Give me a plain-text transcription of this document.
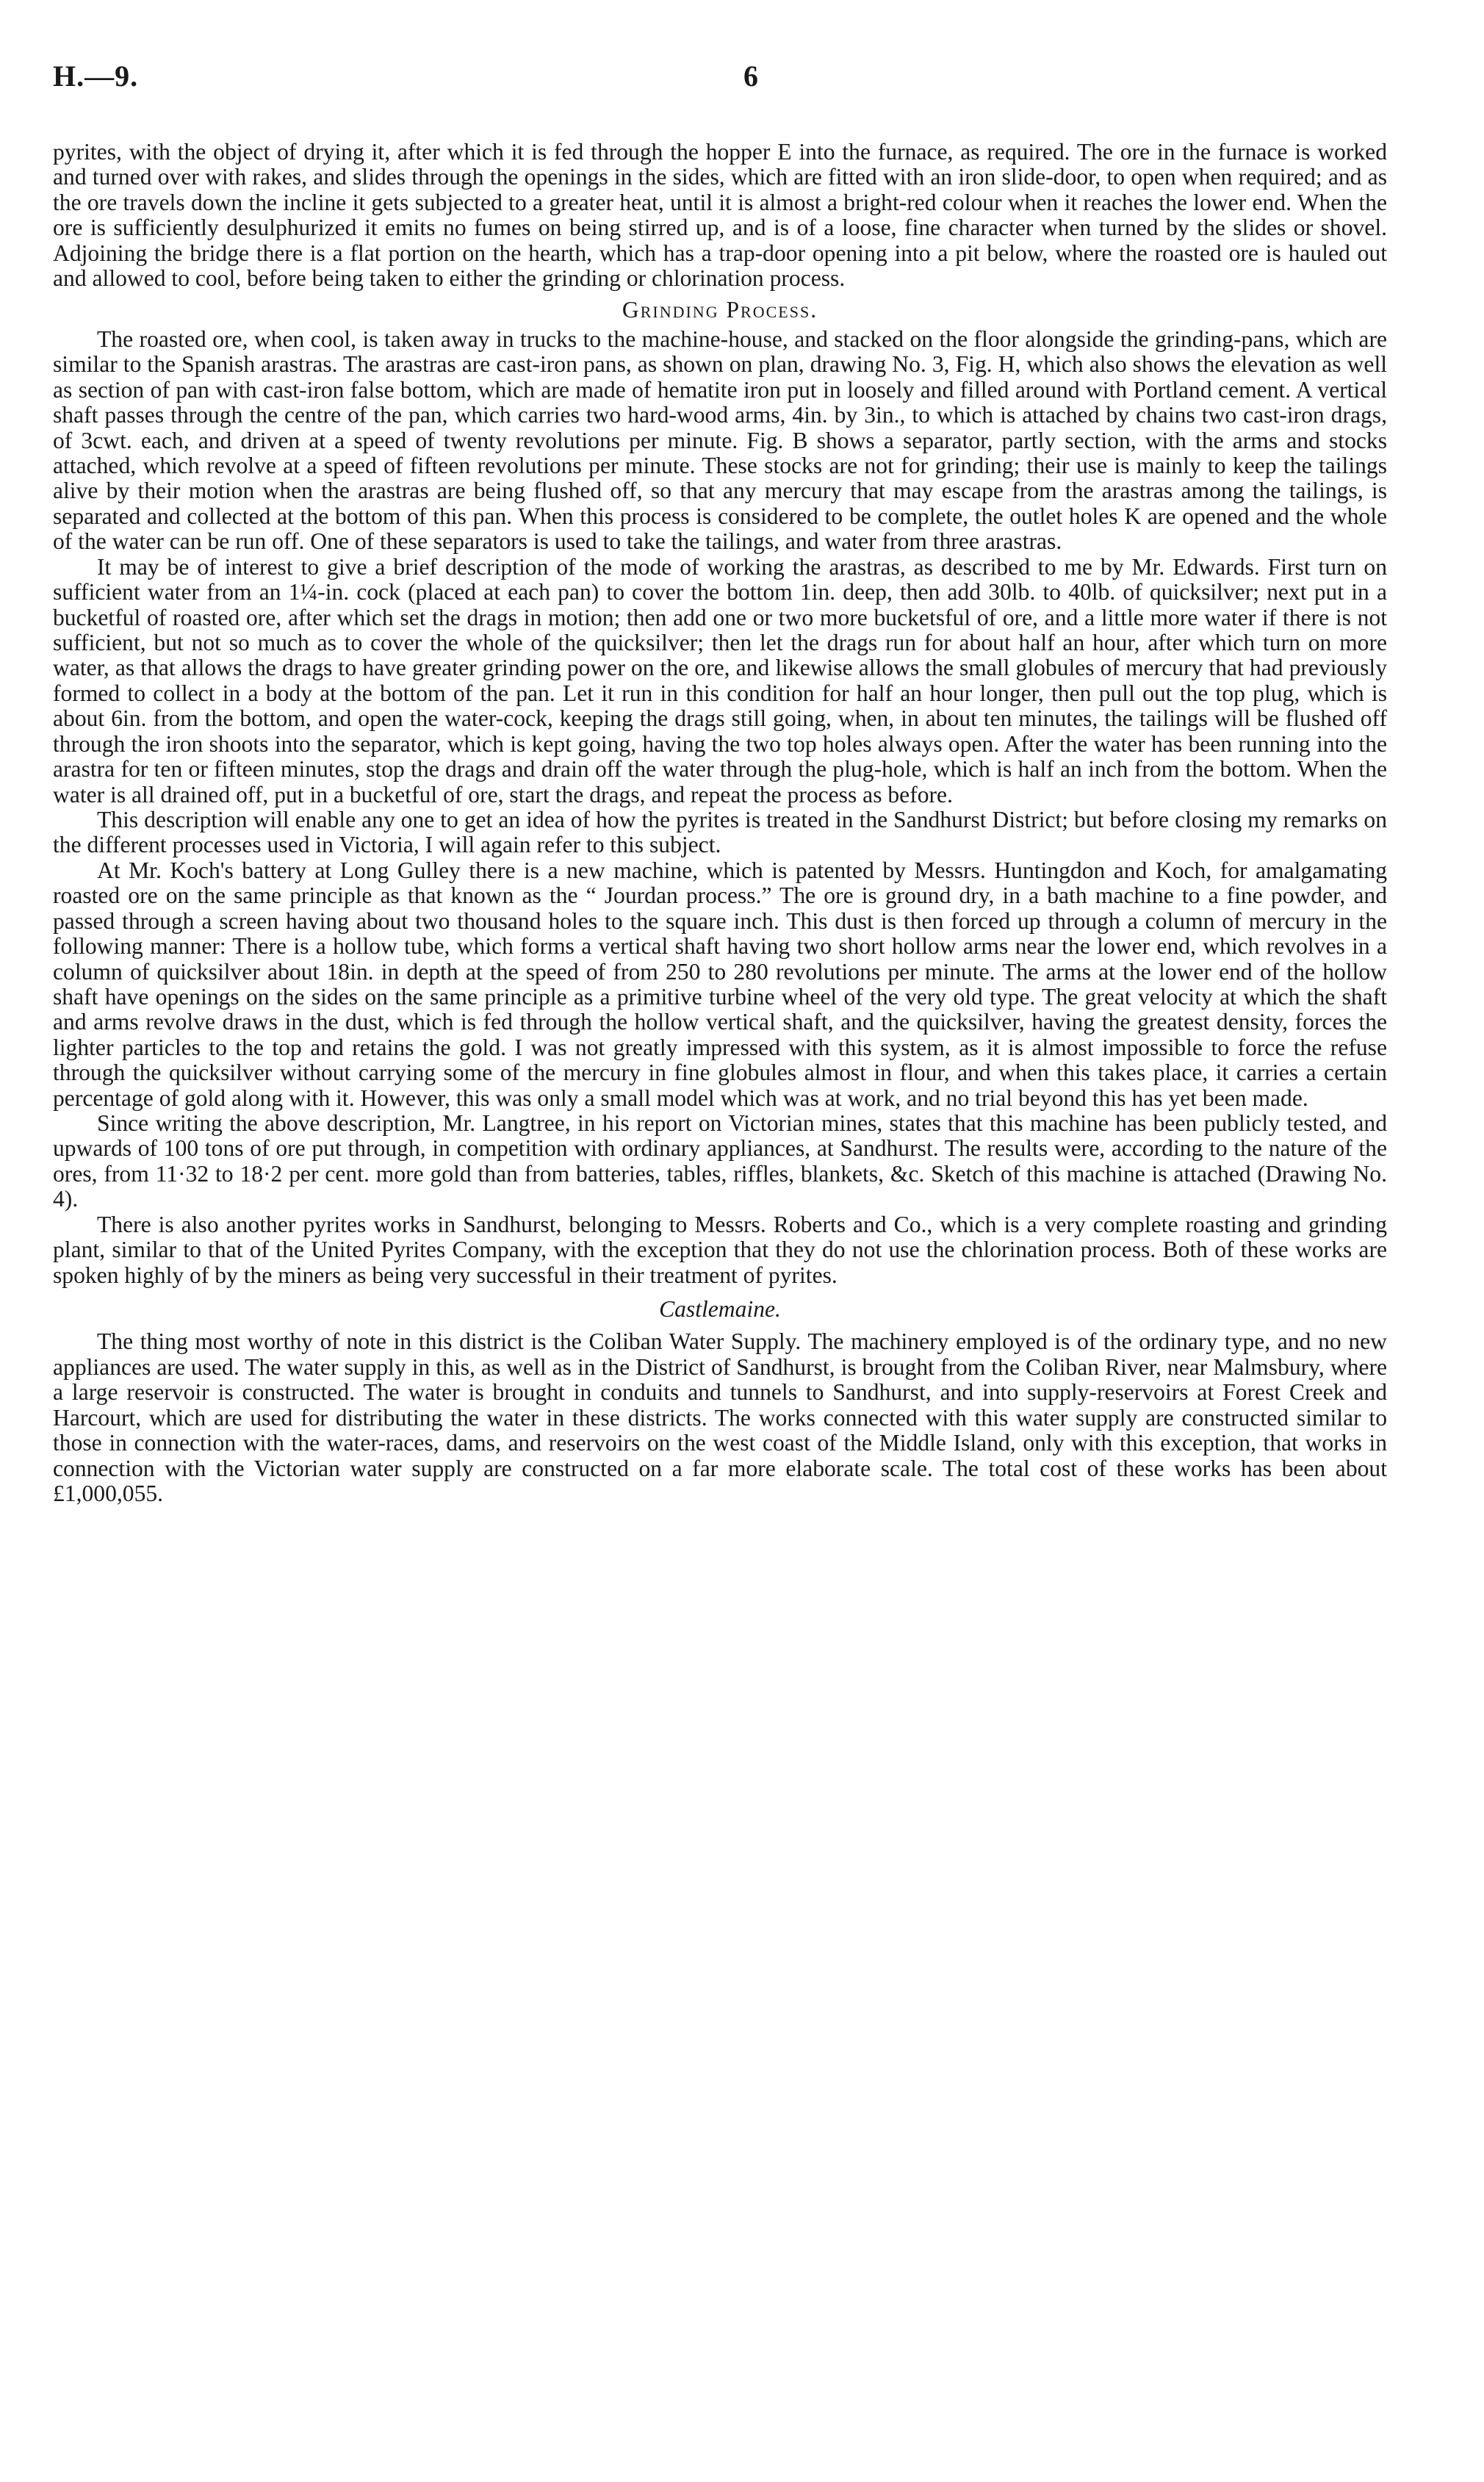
H.—9.	6

pyrites, with the object of drying it, after which it is fed through the hopper E into the furnace, as required. The ore in the furnace is worked and turned over with rakes, and slides through the openings in the sides, which are fitted with an iron slide-door, to open when required; and as the ore travels down the incline it gets subjected to a greater heat, until it is almost a bright-red colour when it reaches the lower end. When the ore is sufficiently desulphurized it emits no fumes on being stirred up, and is of a loose, fine character when turned by the slides or shovel. Adjoining the bridge there is a flat portion on the hearth, which has a trap-door opening into a pit below, where the roasted ore is hauled out and allowed to cool, before being taken to either the grinding or chlorination process.

Grinding Process.

The roasted ore, when cool, is taken away in trucks to the machine-house, and stacked on the floor alongside the grinding-pans, which are similar to the Spanish arastras. The arastras are cast-iron pans, as shown on plan, drawing No. 3, Fig. H, which also shows the elevation as well as section of pan with cast-iron false bottom, which are made of hematite iron put in loosely and filled around with Portland cement. A vertical shaft passes through the centre of the pan, which carries two hard-wood arms, 4in. by 3in., to which is attached by chains two cast-iron drags, of 3cwt. each, and driven at a speed of twenty revolutions per minute. Fig. B shows a separator, partly section, with the arms and stocks attached, which revolve at a speed of fifteen revolutions per minute. These stocks are not for grinding; their use is mainly to keep the tailings alive by their motion when the arastras are being flushed off, so that any mercury that may escape from the arastras among the tailings, is separated and collected at the bottom of this pan. When this process is considered to be complete, the outlet holes K are opened and the whole of the water can be run off. One of these separators is used to take the tailings, and water from three arastras.

It may be of interest to give a brief description of the mode of working the arastras, as described to me by Mr. Edwards. First turn on sufficient water from an 1¼-in. cock (placed at each pan) to cover the bottom 1in. deep, then add 30lb. to 40lb. of quicksilver; next put in a bucketful of roasted ore, after which set the drags in motion; then add one or two more bucketsful of ore, and a little more water if there is not sufficient, but not so much as to cover the whole of the quicksilver; then let the drags run for about half an hour, after which turn on more water, as that allows the drags to have greater grinding power on the ore, and likewise allows the small globules of mercury that had previously formed to collect in a body at the bottom of the pan. Let it run in this condition for half an hour longer, then pull out the top plug, which is about 6in. from the bottom, and open the water-cock, keeping the drags still going, when, in about ten minutes, the tailings will be flushed off through the iron shoots into the separator, which is kept going, having the two top holes always open. After the water has been running into the arastra for ten or fifteen minutes, stop the drags and drain off the water through the plug-hole, which is half an inch from the bottom. When the water is all drained off, put in a bucketful of ore, start the drags, and repeat the process as before.

This description will enable any one to get an idea of how the pyrites is treated in the Sandhurst District; but before closing my remarks on the different processes used in Victoria, I will again refer to this subject.

At Mr. Koch's battery at Long Gulley there is a new machine, which is patented by Messrs. Huntingdon and Koch, for amalgamating roasted ore on the same principle as that known as the “ Jourdan process.” The ore is ground dry, in a bath machine to a fine powder, and passed through a screen having about two thousand holes to the square inch. This dust is then forced up through a column of mercury in the following manner: There is a hollow tube, which forms a vertical shaft having two short hollow arms near the lower end, which revolves in a column of quicksilver about 18in. in depth at the speed of from 250 to 280 revolutions per minute. The arms at the lower end of the hollow shaft have openings on the sides on the same principle as a primitive turbine wheel of the very old type. The great velocity at which the shaft and arms revolve draws in the dust, which is fed through the hollow vertical shaft, and the quicksilver, having the greatest density, forces the lighter particles to the top and retains the gold. I was not greatly impressed with this system, as it is almost impossible to force the refuse through the quicksilver without carrying some of the mercury in fine globules almost in flour, and when this takes place, it carries a certain percentage of gold along with it. However, this was only a small model which was at work, and no trial beyond this has yet been made.

Since writing the above description, Mr. Langtree, in his report on Victorian mines, states that this machine has been publicly tested, and upwards of 100 tons of ore put through, in competition with ordinary appliances, at Sandhurst. The results were, according to the nature of the ores, from 11·32 to 18·2 per cent. more gold than from batteries, tables, riffles, blankets, &c. Sketch of this machine is attached (Drawing No. 4).

There is also another pyrites works in Sandhurst, belonging to Messrs. Roberts and Co., which is a very complete roasting and grinding plant, similar to that of the United Pyrites Company, with the exception that they do not use the chlorination process. Both of these works are spoken highly of by the miners as being very successful in their treatment of pyrites.

Castlemaine.

The thing most worthy of note in this district is the Coliban Water Supply. The machinery employed is of the ordinary type, and no new appliances are used. The water supply in this, as well as in the District of Sandhurst, is brought from the Coliban River, near Malmsbury, where a large reservoir is constructed. The water is brought in conduits and tunnels to Sandhurst, and into supply-reservoirs at Forest Creek and Harcourt, which are used for distributing the water in these districts. The works connected with this water supply are constructed similar to those in connection with the water-races, dams, and reservoirs on the west coast of the Middle Island, only with this exception, that works in connection with the Victorian water supply are constructed on a far more elaborate scale. The total cost of these works has been about £1,000,055.
